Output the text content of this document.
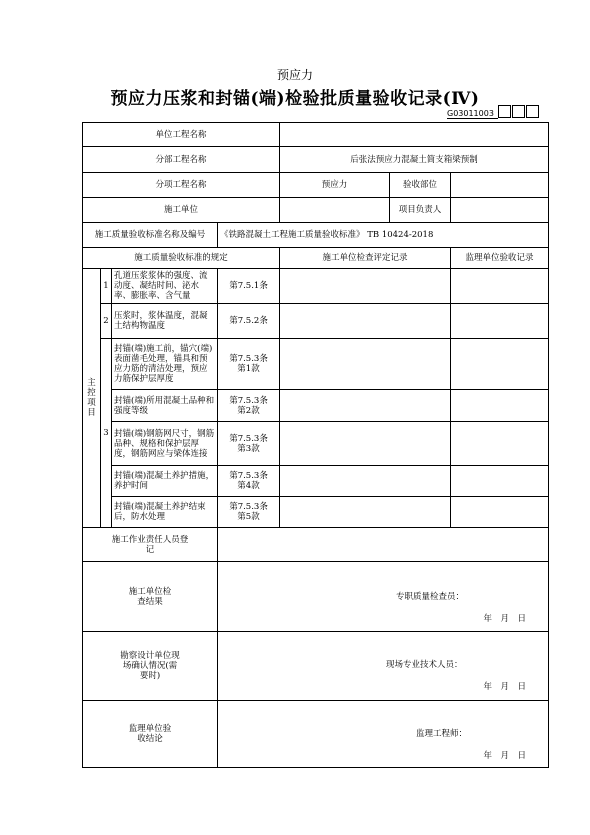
预应力
预应力压浆和封锚(端)检验批质量验收记录(Ⅳ)
G03011003
单位工程名称						
分部工程名称				后张法预应力混凝土简支箱梁预制		
分项工程名称				预应力	验收部位	
施工单位					项目负责人	
施工质量验收标准名称及编号			《铁路混凝土工程施工质量验收标准》 TB 10424-2018			
施工质量验收标准的规定				施工单位检查评定记录		监理单位验收记录
主
控
项
目	1	孔道压浆浆体的强度、流动度、凝结时间、泌水率、膨胀率、含气量	第7.5.1条			
	2	压浆时，浆体温度，混凝土结构物温度	第7.5.2条			
	3	封锚(端)施工前，锚穴(端)表面凿毛处理，锚具和预应力筋的清洁处理，预应力筋保护层厚度	第7.5.3条
第1款			
		封锚(端)所用混凝土品种和强度等级	第7.5.3条
第2款			
		封锚(端)钢筋网尺寸，钢筋品种、规格和保护层厚度，钢筋网应与梁体连接	第7.5.3条
第3款			
		封锚(端)混凝土养护措施，养护时间	第7.5.3条
第4款			
		封锚(端)混凝土养护结束后，防水处理	第7.5.3条
第5款			
施工作业责任人员登记						
施工单位检查结果			专职质量检查员：
年　月　日			

勘察设计单位现场确认情况(需要时)			现场专业技术人员：
年　月　日			

监理单位验收结论			监理工程师：
年　月　日			
